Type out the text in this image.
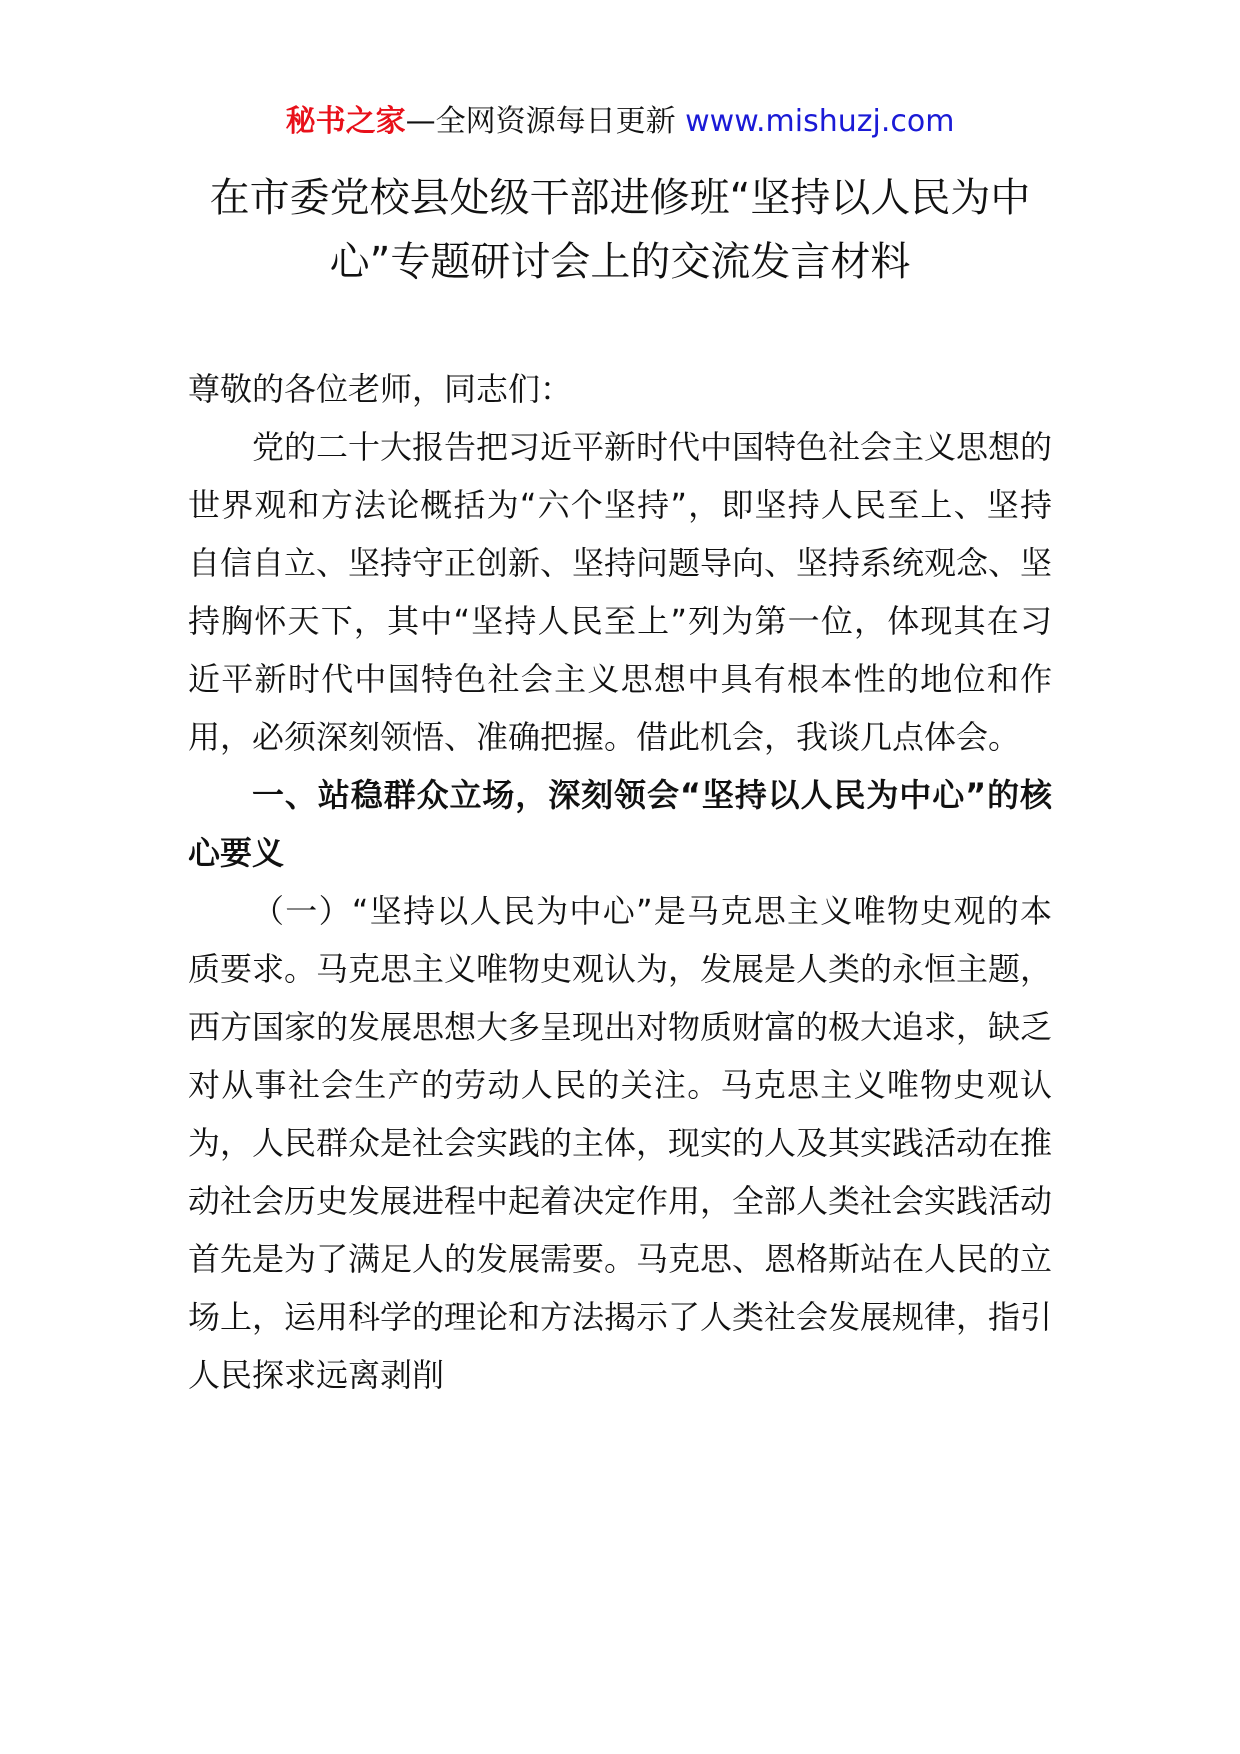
秘书之家—全网资源每日更新 www.mishuzj.com
在市委党校县处级干部进修班“坚持以人民为中心”专题研讨会上的交流发言材料

尊敬的各位老师，同志们：

党的二十大报告把习近平新时代中国特色社会主义思想的世界观和方法论概括为“六个坚持”，即坚持人民至上、坚持自信自立、坚持守正创新、坚持问题导向、坚持系统观念、坚持胸怀天下，其中“坚持人民至上”列为第一位，体现其在习近平新时代中国特色社会主义思想中具有根本性的地位和作用，必须深刻领悟、准确把握。借此机会，我谈几点体会。

一、站稳群众立场，深刻领会“坚持以人民为中心”的核心要义

（一）“坚持以人民为中心”是马克思主义唯物史观的本质要求。马克思主义唯物史观认为，发展是人类的永恒主题，西方国家的发展思想大多呈现出对物质财富的极大追求，缺乏对从事社会生产的劳动人民的关注。马克思主义唯物史观认为，人民群众是社会实践的主体，现实的人及其实践活动在推动社会历史发展进程中起着决定作用，全部人类社会实践活动首先是为了满足人的发展需要。马克思、恩格斯站在人民的立场上，运用科学的理论和方法揭示了人类社会发展规律，指引人民探求远离剥削
